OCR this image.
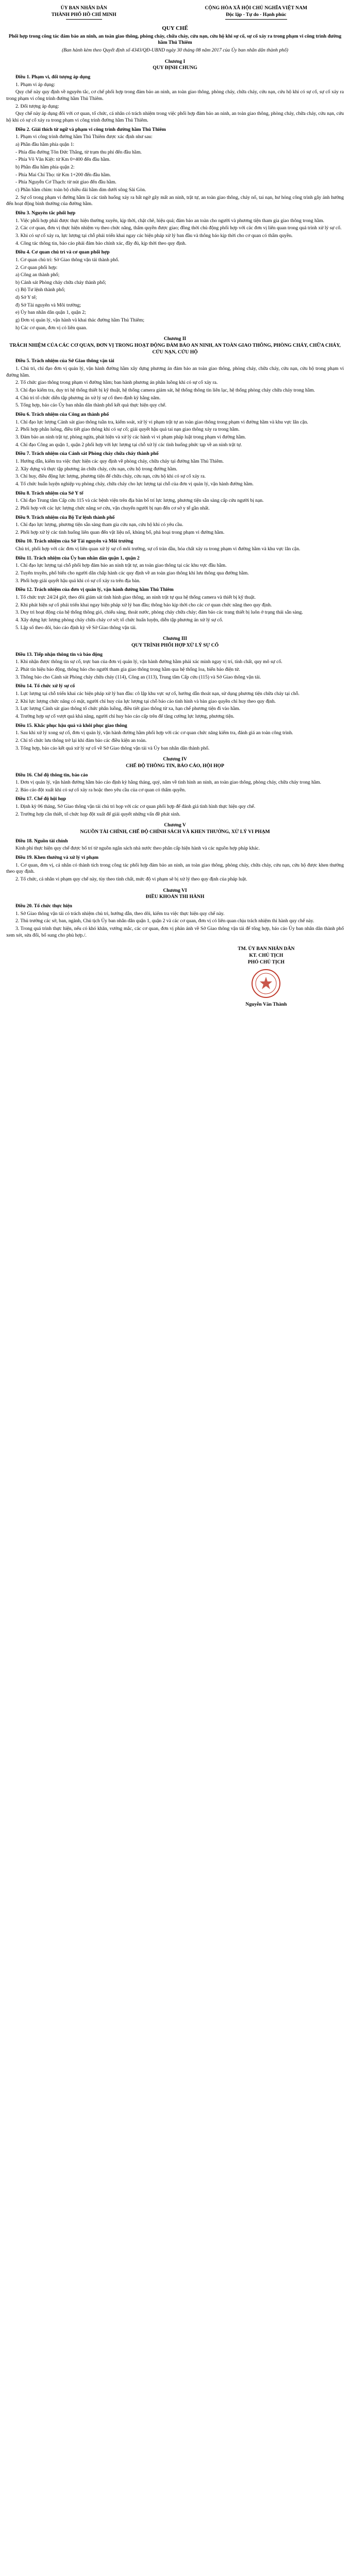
ỦY BAN NHÂN DÂN
THÀNH PHỐ HỒ CHÍ MINH
CỘNG HÒA XÃ HỘI CHỦ NGHĨA VIỆT NAM
Độc lập - Tự do - Hạnh phúc
QUY CHẾ
Phối hợp trong công tác đảm bảo an ninh, an toàn giao thông, phòng cháy, chữa cháy, cứu nạn, cứu hộ khi sự cố, sự cố xảy ra trong phạm vi công trình đường hầm Thủ Thiêm
(Ban hành kèm theo Quyết định số 4343/QĐ-UBND ngày 30 tháng 08 năm 2017 của Ủy ban nhân dân thành phố)
Chương I
QUY ĐỊNH CHUNG
Điều 1. Phạm vi, đối tượng áp dụng

1. Phạm vi áp dụng:

Quy chế này quy định về nguyên tắc, cơ chế phối hợp trong đảm bảo an ninh, an toàn giao thông, phòng cháy, chữa cháy, cứu nạn, cứu hộ khi có sự cố, sự cố xảy ra trong phạm vi công trình đường hầm Thủ Thiêm.

2. Đối tượng áp dụng:

Quy chế này áp dụng đối với cơ quan, tổ chức, cá nhân có trách nhiệm trong việc phối hợp đảm bảo an ninh, an toàn giao thông, phòng cháy, chữa cháy, cứu nạn, cứu hộ khi có sự cố xảy ra trong phạm vi công trình đường hầm Thủ Thiêm.

Điều 2. Giải thích từ ngữ và phạm vi công trình đường hầm Thủ Thiêm

1. Phạm vi công trình đường hầm Thủ Thiêm được xác định như sau:

a) Phần đầu hầm phía quận 1:

- Phía đầu đường Tôn Đức Thắng, từ trạm thu phí đến đầu hầm.

- Phía Võ Văn Kiệt: từ Km 0+400 đến đầu hầm.

b) Phần đầu hầm phía quận 2:

- Phía Mai Chí Thọ: từ Km 1+200 đến đầu hầm.

- Phía Nguyễn Cơ Thạch: từ nút giao đến đầu hầm.

c) Phần hầm chìm: toàn bộ chiều dài hầm dìm dưới sông Sài Gòn.

2. Sự cố trong phạm vi đường hầm là các tình huống xảy ra bất ngờ gây mất an ninh, trật tự, an toàn giao thông, cháy nổ, tai nạn, hư hỏng công trình gây ảnh hưởng đến hoạt động bình thường của đường hầm.

Điều 3. Nguyên tắc phối hợp

1. Việc phối hợp phải được thực hiện thường xuyên, kịp thời, chặt chẽ, hiệu quả; đảm bảo an toàn cho người và phương tiện tham gia giao thông trong hầm.

2. Các cơ quan, đơn vị thực hiện nhiệm vụ theo chức năng, thẩm quyền được giao; đồng thời chủ động phối hợp với các đơn vị liên quan trong quá trình xử lý sự cố.

3. Khi có sự cố xảy ra, lực lượng tại chỗ phải triển khai ngay các biện pháp xử lý ban đầu và thông báo kịp thời cho cơ quan có thẩm quyền.

4. Công tác thông tin, báo cáo phải đảm bảo chính xác, đầy đủ, kịp thời theo quy định.

Điều 4. Cơ quan chủ trì và cơ quan phối hợp

1. Cơ quan chủ trì: Sở Giao thông vận tải thành phố.

2. Cơ quan phối hợp:

a) Công an thành phố;

b) Cảnh sát Phòng cháy chữa cháy thành phố;

c) Bộ Tư lệnh thành phố;

d) Sở Y tế;

đ) Sở Tài nguyên và Môi trường;

e) Ủy ban nhân dân quận 1, quận 2;

g) Đơn vị quản lý, vận hành và khai thác đường hầm Thủ Thiêm;

h) Các cơ quan, đơn vị có liên quan.

Chương II
TRÁCH NHIỆM CỦA CÁC CƠ QUAN, ĐƠN VỊ TRONG HOẠT ĐỘNG ĐẢM BẢO AN NINH, AN TOÀN GIAO THÔNG, PHÒNG CHÁY, CHỮA CHÁY, CỨU NẠN, CỨU HỘ
Điều 5. Trách nhiệm của Sở Giao thông vận tải

1. Chủ trì, chỉ đạo đơn vị quản lý, vận hành đường hầm xây dựng phương án đảm bảo an toàn giao thông, phòng cháy, chữa cháy, cứu nạn, cứu hộ trong phạm vi đường hầm.

2. Tổ chức giao thông trong phạm vi đường hầm; ban hành phương án phân luồng khi có sự cố xảy ra.

3. Chỉ đạo kiểm tra, duy trì hệ thống thiết bị kỹ thuật, hệ thống camera giám sát, hệ thống thông tin liên lạc, hệ thống phòng cháy chữa cháy trong hầm.

4. Chủ trì tổ chức diễn tập phương án xử lý sự cố theo định kỳ hằng năm.

5. Tổng hợp, báo cáo Ủy ban nhân dân thành phố kết quả thực hiện quy chế.

Điều 6. Trách nhiệm của Công an thành phố

1. Chỉ đạo lực lượng Cảnh sát giao thông tuần tra, kiểm soát, xử lý vi phạm trật tự an toàn giao thông trong phạm vi đường hầm và khu vực lân cận.

2. Phối hợp phân luồng, điều tiết giao thông khi có sự cố; giải quyết hậu quả tai nạn giao thông xảy ra trong hầm.

3. Đảm bảo an ninh trật tự, phòng ngừa, phát hiện và xử lý các hành vi vi phạm pháp luật trong phạm vi đường hầm.

4. Chỉ đạo Công an quận 1, quận 2 phối hợp với lực lượng tại chỗ xử lý các tình huống phức tạp về an ninh trật tự.

Điều 7. Trách nhiệm của Cảnh sát Phòng cháy chữa cháy thành phố

1. Hướng dẫn, kiểm tra việc thực hiện các quy định về phòng cháy, chữa cháy tại đường hầm Thủ Thiêm.

2. Xây dựng và thực tập phương án chữa cháy, cứu nạn, cứu hộ trong đường hầm.

3. Chỉ huy, điều động lực lượng, phương tiện để chữa cháy, cứu nạn, cứu hộ khi có sự cố xảy ra.

4. Tổ chức huấn luyện nghiệp vụ phòng cháy, chữa cháy cho lực lượng tại chỗ của đơn vị quản lý, vận hành đường hầm.

Điều 8. Trách nhiệm của Sở Y tế

1. Chỉ đạo Trung tâm Cấp cứu 115 và các bệnh viện trên địa bàn bố trí lực lượng, phương tiện sẵn sàng cấp cứu người bị nạn.

2. Phối hợp với các lực lượng chức năng sơ cứu, vận chuyển người bị nạn đến cơ sở y tế gần nhất.

Điều 9. Trách nhiệm của Bộ Tư lệnh thành phố

1. Chỉ đạo lực lượng, phương tiện sẵn sàng tham gia cứu nạn, cứu hộ khi có yêu cầu.

2. Phối hợp xử lý các tình huống liên quan đến vật liệu nổ, khủng bố, phá hoại trong phạm vi đường hầm.

Điều 10. Trách nhiệm của Sở Tài nguyên và Môi trường

Chủ trì, phối hợp với các đơn vị liên quan xử lý sự cố môi trường, sự cố tràn dầu, hóa chất xảy ra trong phạm vi đường hầm và khu vực lân cận.

Điều 11. Trách nhiệm của Ủy ban nhân dân quận 1, quận 2

1. Chỉ đạo lực lượng tại chỗ phối hợp đảm bảo an ninh trật tự, an toàn giao thông tại các khu vực đầu hầm.

2. Tuyên truyền, phổ biến cho người dân chấp hành các quy định về an toàn giao thông khi lưu thông qua đường hầm.

3. Phối hợp giải quyết hậu quả khi có sự cố xảy ra trên địa bàn.

Điều 12. Trách nhiệm của đơn vị quản lý, vận hành đường hầm Thủ Thiêm

1. Tổ chức trực 24/24 giờ, theo dõi giám sát tình hình giao thông, an ninh trật tự qua hệ thống camera và thiết bị kỹ thuật.

2. Khi phát hiện sự cố phải triển khai ngay biện pháp xử lý ban đầu; thông báo kịp thời cho các cơ quan chức năng theo quy định.

3. Duy trì hoạt động của hệ thống thông gió, chiếu sáng, thoát nước, phòng cháy chữa cháy; đảm bảo các trang thiết bị luôn ở trạng thái sẵn sàng.

4. Xây dựng lực lượng phòng cháy chữa cháy cơ sở; tổ chức huấn luyện, diễn tập phương án xử lý sự cố.

5. Lập sổ theo dõi, báo cáo định kỳ về Sở Giao thông vận tải.

Chương III
QUY TRÌNH PHỐI HỢP XỬ LÝ SỰ CỐ
Điều 13. Tiếp nhận thông tin và báo động

1. Khi nhận được thông tin sự cố, trực ban của đơn vị quản lý, vận hành đường hầm phải xác minh ngay vị trí, tính chất, quy mô sự cố.

2. Phát tín hiệu báo động, thông báo cho người tham gia giao thông trong hầm qua hệ thống loa, biển báo điện tử.

3. Thông báo cho Cảnh sát Phòng cháy chữa cháy (114), Công an (113), Trung tâm Cấp cứu (115) và Sở Giao thông vận tải.

Điều 14. Tổ chức xử lý sự cố

1. Lực lượng tại chỗ triển khai các biện pháp xử lý ban đầu: cô lập khu vực sự cố, hướng dẫn thoát nạn, sử dụng phương tiện chữa cháy tại chỗ.

2. Khi lực lượng chức năng có mặt, người chỉ huy của lực lượng tại chỗ báo cáo tình hình và bàn giao quyền chỉ huy theo quy định.

3. Lực lượng Cảnh sát giao thông tổ chức phân luồng, điều tiết giao thông từ xa, hạn chế phương tiện đi vào hầm.

4. Trường hợp sự cố vượt quá khả năng, người chỉ huy báo cáo cấp trên để tăng cường lực lượng, phương tiện.

Điều 15. Khắc phục hậu quả và khôi phục giao thông

1. Sau khi xử lý xong sự cố, đơn vị quản lý, vận hành đường hầm phối hợp với các cơ quan chức năng kiểm tra, đánh giá an toàn công trình.

2. Chỉ tổ chức lưu thông trở lại khi đảm bảo các điều kiện an toàn.

3. Tổng hợp, báo cáo kết quả xử lý sự cố về Sở Giao thông vận tải và Ủy ban nhân dân thành phố.

Chương IV
CHẾ ĐỘ THÔNG TIN, BÁO CÁO, HỘI HỌP
Điều 16. Chế độ thông tin, báo cáo

1. Đơn vị quản lý, vận hành đường hầm báo cáo định kỳ hằng tháng, quý, năm về tình hình an ninh, an toàn giao thông, phòng cháy, chữa cháy trong hầm.

2. Báo cáo đột xuất khi có sự cố xảy ra hoặc theo yêu cầu của cơ quan có thẩm quyền.

Điều 17. Chế độ hội họp

1. Định kỳ 06 tháng, Sở Giao thông vận tải chủ trì họp với các cơ quan phối hợp để đánh giá tình hình thực hiện quy chế.

2. Trường hợp cần thiết, tổ chức họp đột xuất để giải quyết những vấn đề phát sinh.

Chương V
NGUỒN TÀI CHÍNH, CHẾ ĐỘ CHÍNH SÁCH VÀ KHEN THƯỞNG, XỬ LÝ VI PHẠM
Điều 18. Nguồn tài chính

Kinh phí thực hiện quy chế được bố trí từ nguồn ngân sách nhà nước theo phân cấp hiện hành và các nguồn hợp pháp khác.

Điều 19. Khen thưởng và xử lý vi phạm

1. Cơ quan, đơn vị, cá nhân có thành tích trong công tác phối hợp đảm bảo an ninh, an toàn giao thông, phòng cháy, chữa cháy, cứu nạn, cứu hộ được khen thưởng theo quy định.

2. Tổ chức, cá nhân vi phạm quy chế này, tùy theo tính chất, mức độ vi phạm sẽ bị xử lý theo quy định của pháp luật.

Chương VI
ĐIỀU KHOẢN THI HÀNH
Điều 20. Tổ chức thực hiện

1. Sở Giao thông vận tải có trách nhiệm chủ trì, hướng dẫn, theo dõi, kiểm tra việc thực hiện quy chế này.

2. Thủ trưởng các sở, ban, ngành, Chủ tịch Ủy ban nhân dân quận 1, quận 2 và các cơ quan, đơn vị có liên quan chịu trách nhiệm thi hành quy chế này.

3. Trong quá trình thực hiện, nếu có khó khăn, vướng mắc, các cơ quan, đơn vị phản ánh về Sở Giao thông vận tải để tổng hợp, báo cáo Ủy ban nhân dân thành phố xem xét, sửa đổi, bổ sung cho phù hợp./.

TM. ỦY BAN NHÂN DÂN
KT. CHỦ TỊCH
PHÓ CHỦ TỊCH
Nguyễn Văn Thành
